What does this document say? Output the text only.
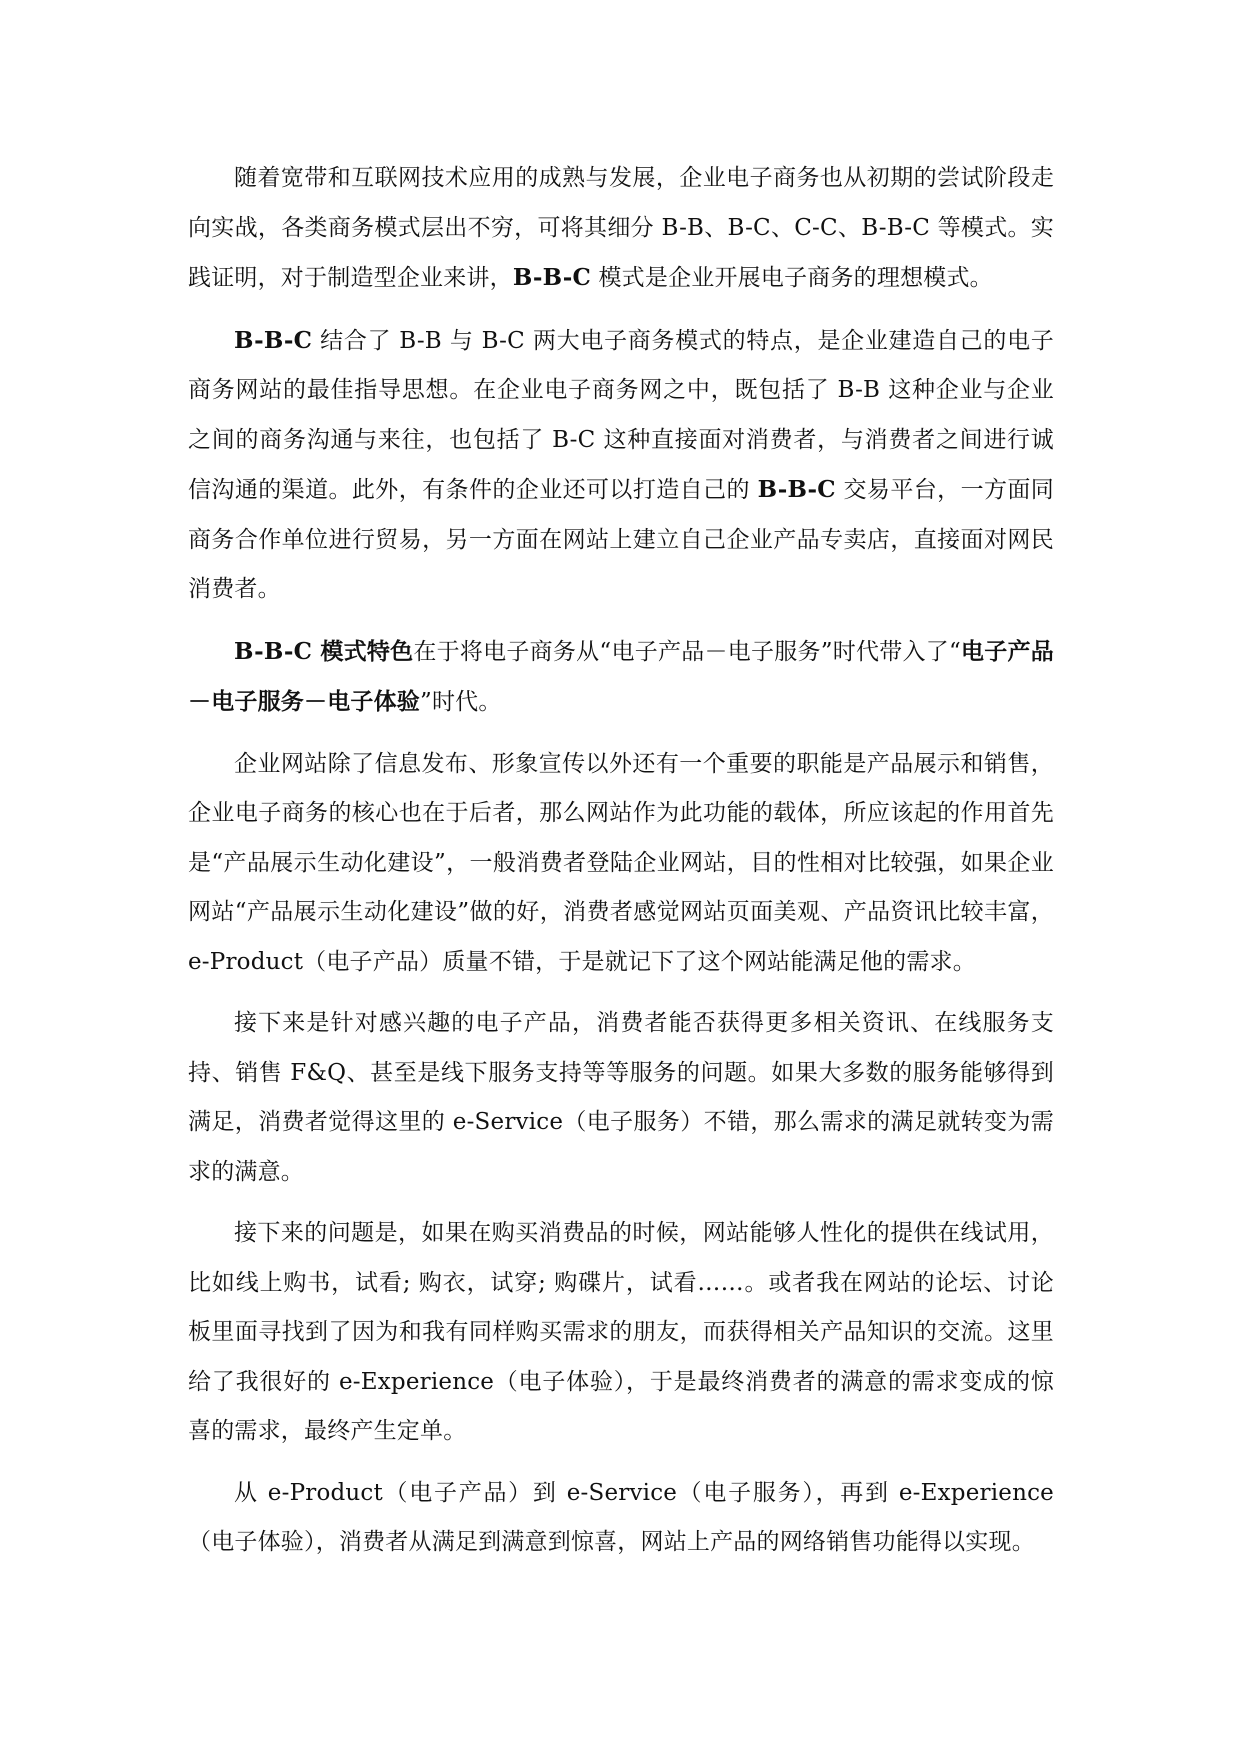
随着宽带和互联网技术应用的成熟与发展，企业电子商务也从初期的尝试阶段走向实战，各类商务模式层出不穷，可将其细分 B-B、B-C、C-C、B-B-C 等模式。实践证明，对于制造型企业来讲，B-B-C 模式是企业开展电子商务的理想模式。

B-B-C 结合了 B-B 与 B-C 两大电子商务模式的特点，是企业建造自己的电子商务网站的最佳指导思想。在企业电子商务网之中，既包括了 B-B 这种企业与企业之间的商务沟通与来往，也包括了 B-C 这种直接面对消费者，与消费者之间进行诚信沟通的渠道。此外，有条件的企业还可以打造自己的 B-B-C 交易平台，一方面同商务合作单位进行贸易，另一方面在网站上建立自己企业产品专卖店，直接面对网民消费者。

B-B-C 模式特色在于将电子商务从“电子产品－电子服务”时代带入了“电子产品－电子服务－电子体验”时代。

企业网站除了信息发布、形象宣传以外还有一个重要的职能是产品展示和销售，企业电子商务的核心也在于后者，那么网站作为此功能的载体，所应该起的作用首先是“产品展示生动化建设”，一般消费者登陆企业网站，目的性相对比较强，如果企业网站“产品展示生动化建设”做的好，消费者感觉网站页面美观、产品资讯比较丰富，e-Product（电子产品）质量不错，于是就记下了这个网站能满足他的需求。

接下来是针对感兴趣的电子产品，消费者能否获得更多相关资讯、在线服务支持、销售 F&Q、甚至是线下服务支持等等服务的问题。如果大多数的服务能够得到满足，消费者觉得这里的 e-Service（电子服务）不错，那么需求的满足就转变为需求的满意。

接下来的问题是，如果在购买消费品的时候，网站能够人性化的提供在线试用，比如线上购书，试看; 购衣，试穿; 购碟片，试看……。或者我在网站的论坛、讨论板里面寻找到了因为和我有同样购买需求的朋友，而获得相关产品知识的交流。这里给了我很好的 e-Experience（电子体验），于是最终消费者的满意的需求变成的惊喜的需求，最终产生定单。

从 e-Product（电子产品）到 e-Service（电子服务），再到 e-Experience（电子体验），消费者从满足到满意到惊喜，网站上产品的网络销售功能得以实现。
